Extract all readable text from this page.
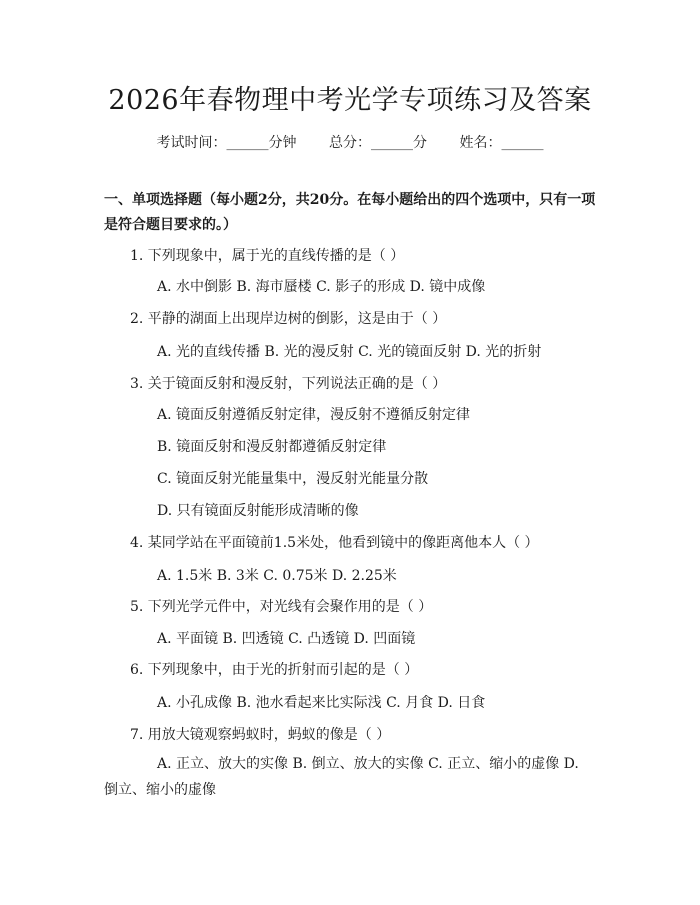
2026年春物理中考光学专项练习及答案
考试时间：______分钟 总分：______分 姓名：______
一、单项选择题（每小题2分，共20分。在每小题给出的四个选项中，只有一项是符合题目要求的。）
1. 下列现象中，属于光的直线传播的是（ ）
A. 水中倒影 B. 海市蜃楼 C. 影子的形成 D. 镜中成像
2. 平静的湖面上出现岸边树的倒影，这是由于（ ）
A. 光的直线传播 B. 光的漫反射 C. 光的镜面反射 D. 光的折射
3. 关于镜面反射和漫反射，下列说法正确的是（ ）
A. 镜面反射遵循反射定律，漫反射不遵循反射定律
B. 镜面反射和漫反射都遵循反射定律
C. 镜面反射光能量集中，漫反射光能量分散
D. 只有镜面反射能形成清晰的像
4. 某同学站在平面镜前1.5米处，他看到镜中的像距离他本人（ ）
A. 1.5米 B. 3米 C. 0.75米 D. 2.25米
5. 下列光学元件中，对光线有会聚作用的是（ ）
A. 平面镜 B. 凹透镜 C. 凸透镜 D. 凹面镜
6. 下列现象中，由于光的折射而引起的是（ ）
A. 小孔成像 B. 池水看起来比实际浅 C. 月食 D. 日食
7. 用放大镜观察蚂蚁时，蚂蚁的像是（ ）
A. 正立、放大的实像 B. 倒立、放大的实像 C. 正立、缩小的虚像 D. 倒立、缩小的虚像
